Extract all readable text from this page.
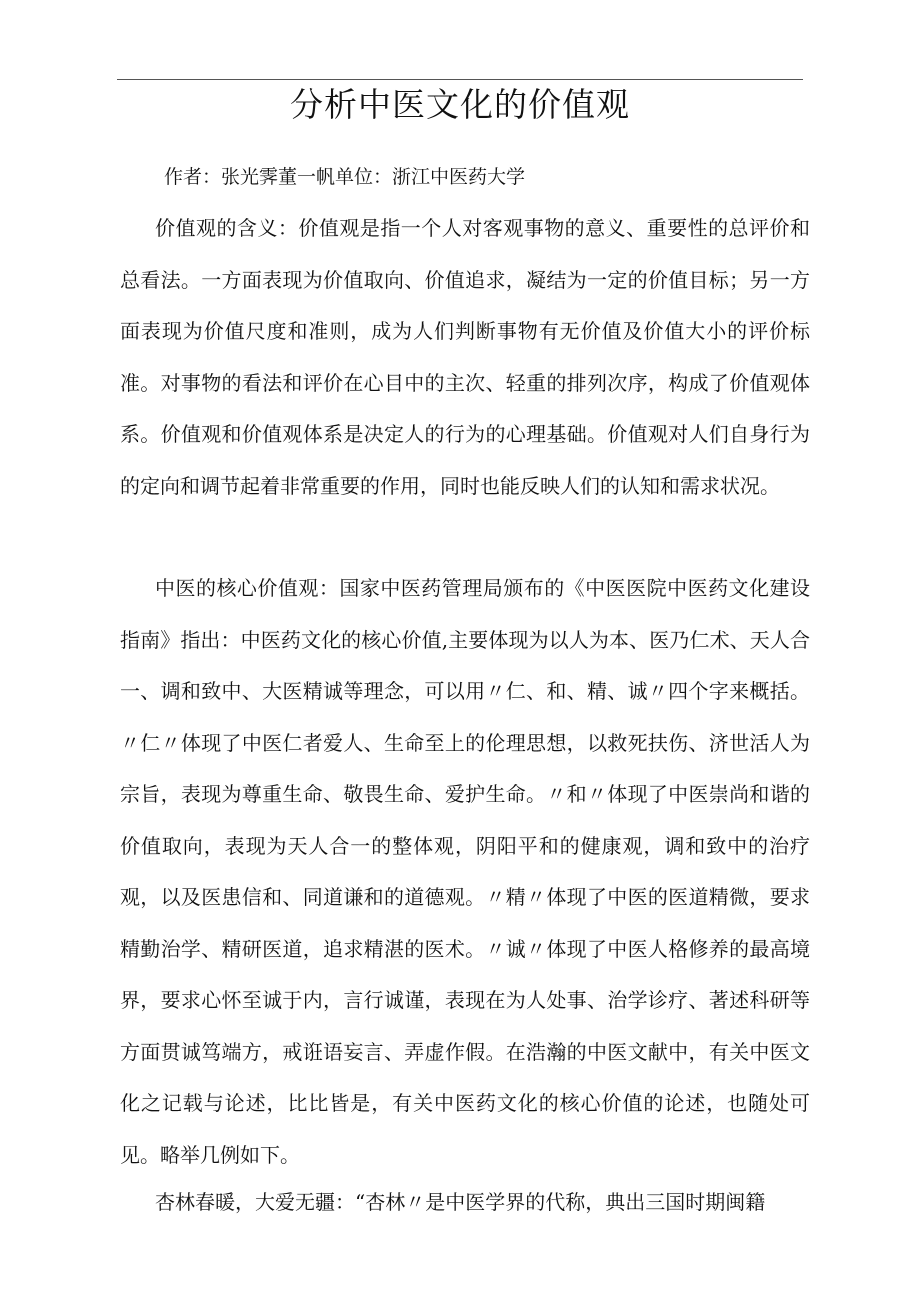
分析中医文化的价值观
作者：张光霁董一帆单位：浙江中医药大学

价值观的含义：价值观是指一个人对客观事物的意义、重要性的总评价和总看法。一方面表现为价值取向、价值追求，凝结为一定的价值目标；另一方面表现为价值尺度和准则，成为人们判断事物有无价值及价值大小的评价标准。对事物的看法和评价在心目中的主次、轻重的排列次序，构成了价值观体系。价值观和价值观体系是决定人的行为的心理基础。价值观对人们自身行为的定向和调节起着非常重要的作用，同时也能反映人们的认知和需求状况。

中医的核心价值观：国家中医药管理局颁布的《中医医院中医药文化建设指南》指出：中医药文化的核心价值,主要体现为以人为本、医乃仁术、天人合一、调和致中、大医精诚等理念，可以用〃仁、和、精、诚〃四个字来概括。〃仁〃体现了中医仁者爱人、生命至上的伦理思想，以救死扶伤、济世活人为宗旨，表现为尊重生命、敬畏生命、爱护生命。〃和〃体现了中医崇尚和谐的价值取向，表现为天人合一的整体观，阴阳平和的健康观，调和致中的治疗观，以及医患信和、同道谦和的道德观。〃精〃体现了中医的医道精微，要求精勤治学、精研医道，追求精湛的医术。〃诚〃体现了中医人格修养的最高境界，要求心怀至诚于内，言行诚谨，表现在为人处事、治学诊疗、著述科研等方面贯诚笃端方，戒诳语妄言、弄虚作假。在浩瀚的中医文献中，有关中医文化之记载与论述，比比皆是，有关中医药文化的核心价值的论述，也随处可见。略举几例如下。

杏林春暖，大爱无疆：“杏林〃是中医学界的代称，典出三国时期闽籍
